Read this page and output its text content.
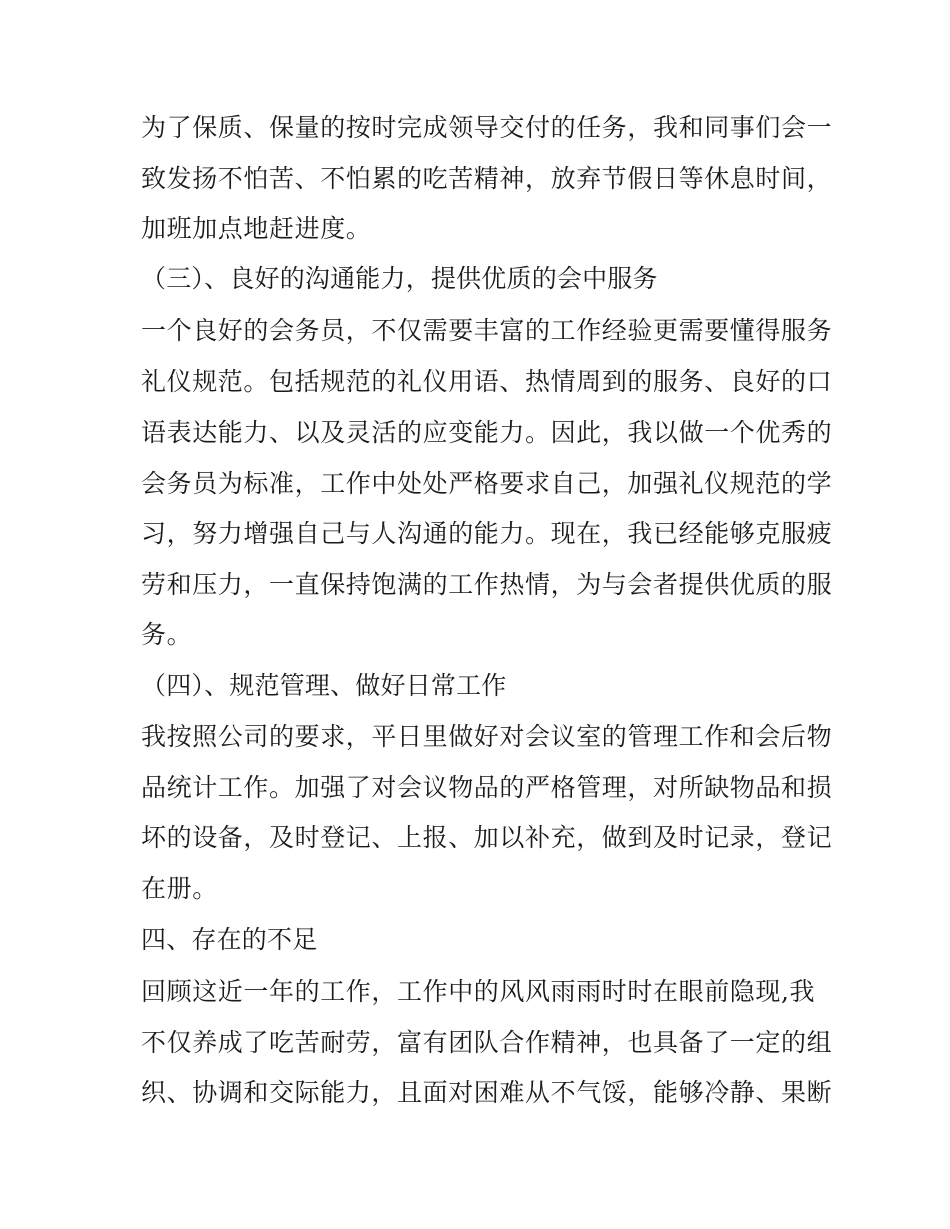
为了保质、保量的按时完成领导交付的任务，我和同事们会一
致发扬不怕苦、不怕累的吃苦精神，放弃节假日等休息时间，
加班加点地赶进度。
（三）、良好的沟通能力，提供优质的会中服务
一个良好的会务员，不仅需要丰富的工作经验更需要懂得服务
礼仪规范。包括规范的礼仪用语、热情周到的服务、良好的口
语表达能力、以及灵活的应变能力。因此，我以做一个优秀的
会务员为标准，工作中处处严格要求自己，加强礼仪规范的学
习，努力增强自己与人沟通的能力。现在，我已经能够克服疲
劳和压力，一直保持饱满的工作热情，为与会者提供优质的服
务。
（四）、规范管理、做好日常工作
我按照公司的要求，平日里做好对会议室的管理工作和会后物
品统计工作。加强了对会议物品的严格管理，对所缺物品和损
坏的设备，及时登记、上报、加以补充，做到及时记录，登记
在册。
四、存在的不足
回顾这近一年的工作，工作中的风风雨雨时时在眼前隐现,我
不仅养成了吃苦耐劳，富有团队合作精神，也具备了一定的组
织、协调和交际能力，且面对困难从不气馁，能够冷静、果断
